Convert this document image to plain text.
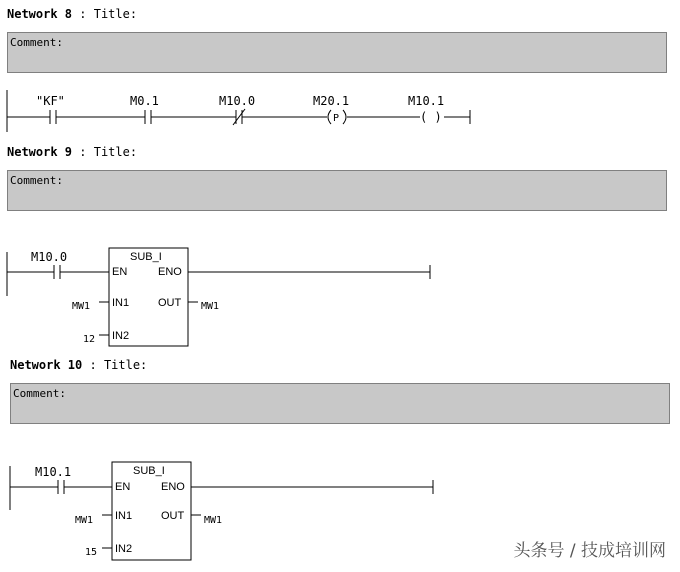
Network 8 : Title:
Comment:
"KF"	M0.1	M10.0
P
M20.1
( )
M10.1
Network 9 : Title:
Comment:
M10.0	SUB_I
EN	ENO
IN1	OUT
IN2
MW1
12
MW1
Network 10 : Title:
Comment:
M10.1	SUB_I
EN	ENO
IN1	OUT
IN2
MW1
15
MW1
头条号 / 技成培训网
